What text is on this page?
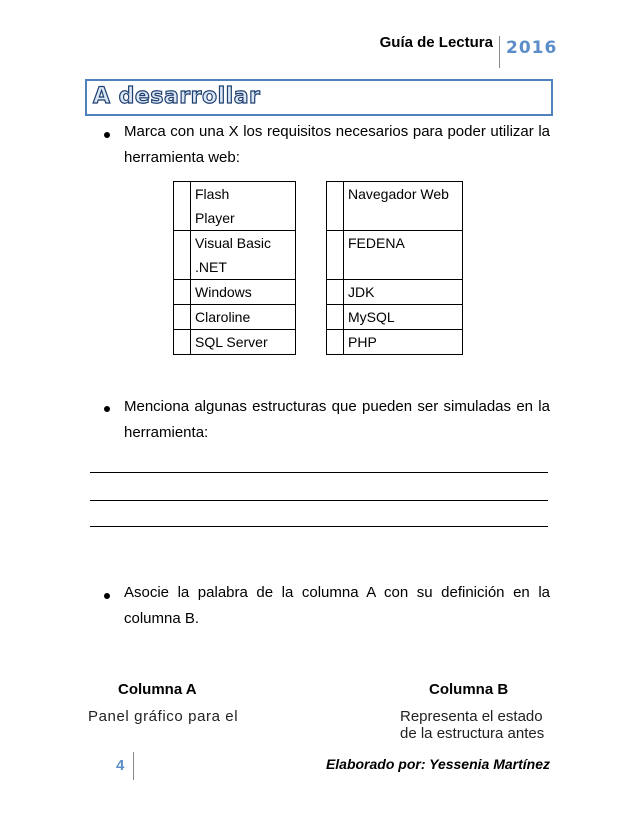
Guía de Lectura 2016
A desarrollar
Marca con una X los requisitos necesarios para poder utilizar la
herramienta web:

	Flash
Player			Navegador Web

	Visual Basic
.NET			FEDENA

	Windows			JDK

	Claroline			MySQL

	SQL Server			PHP
Menciona algunas estructuras que pueden ser simuladas en la
herramienta:
Asocie la palabra de la columna A con su definición en la
columna B.
Columna A	Columna B
Panel gráfico para el	Representa el estado
de la estructura antes
4	Elaborado por: Yessenia Martínez
